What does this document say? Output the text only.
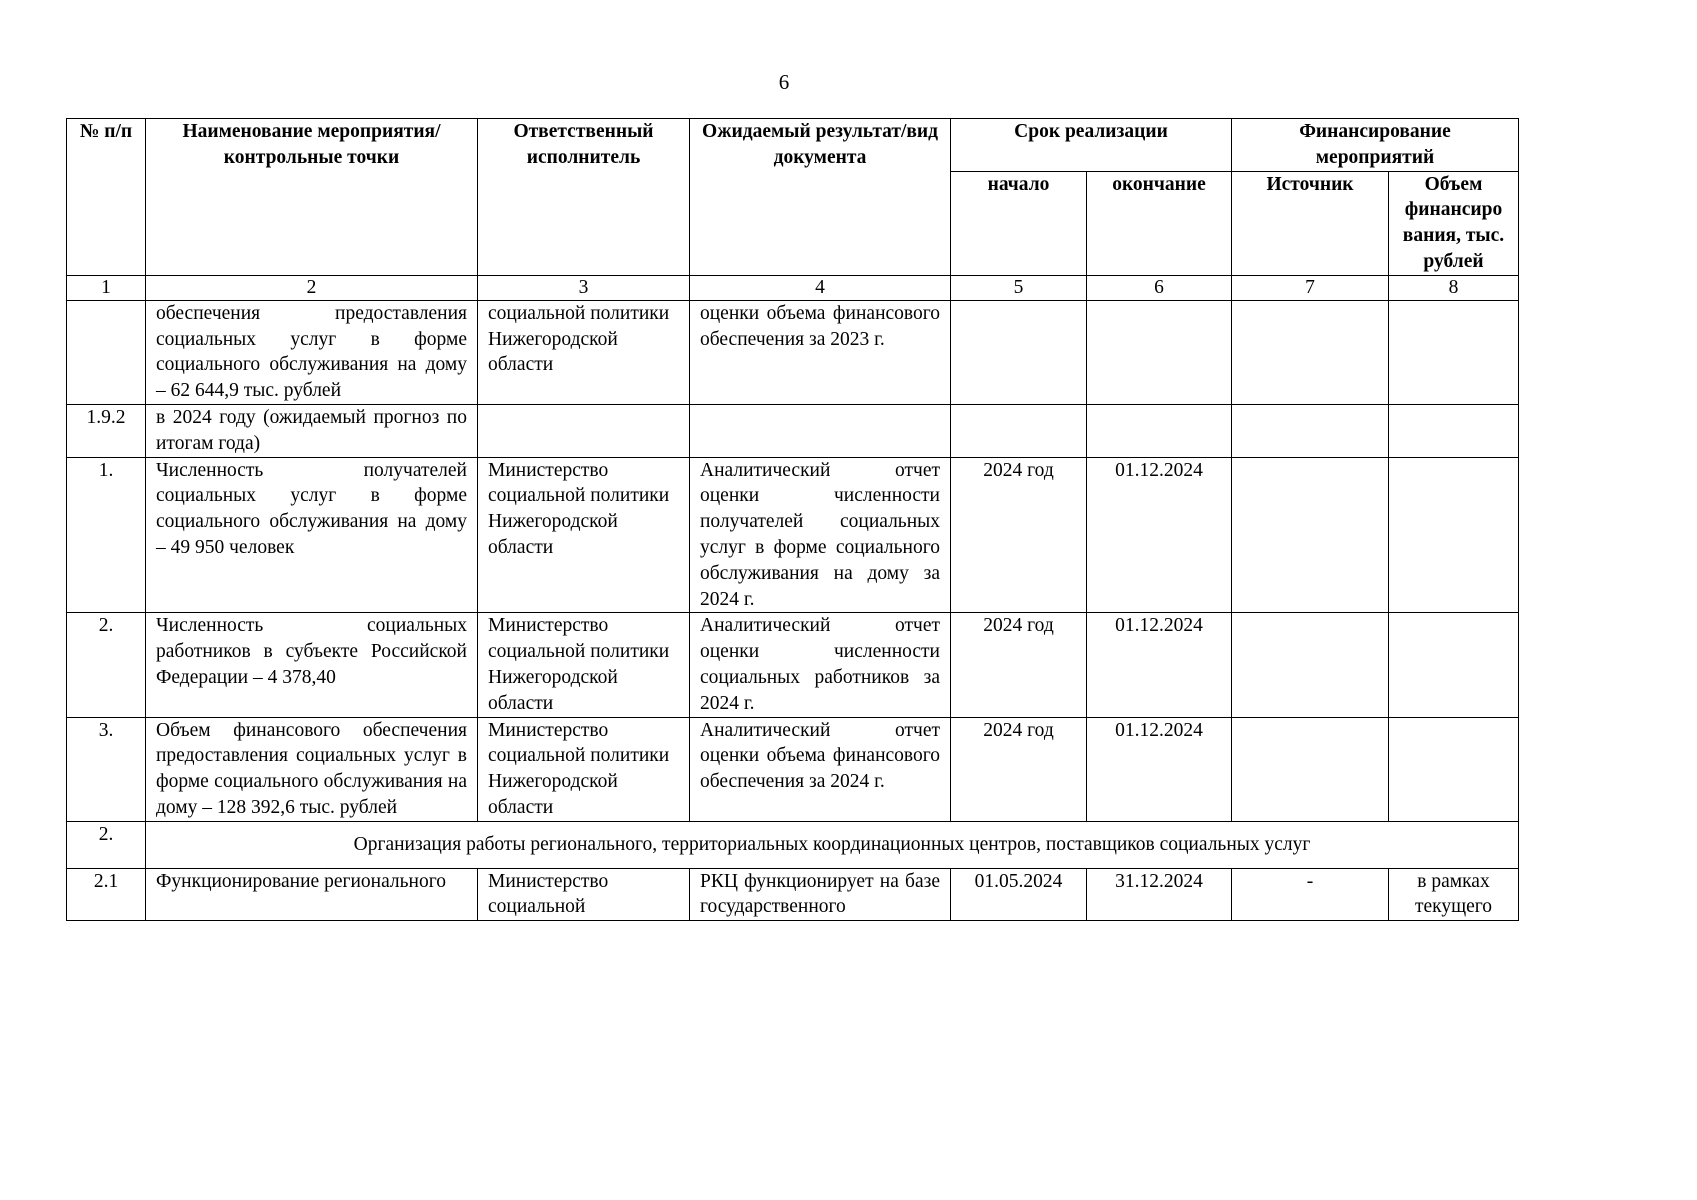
6
№ п/п	Наименование мероприятия/ контрольные точки	Ответственный исполнитель	Ожидаемый результат/вид документа	Срок реализации		Финансирование мероприятий	
				начало	окончание	Источник	Объем финансиро вания, тыс. рублей
1	2	3	4	5	6	7	8
	обеспечения предоставления социальных услуг в форме социального обслуживания на дому – 62 644,9 тыс. рублей	социальной политики Нижегородской области	оценки объема финансового обеспечения за 2023 г.				
1.9.2	в 2024 году (ожидаемый прогноз по итогам года)						
1.	Численность получателей социальных услуг в форме социального обслуживания на дому – 49 950 человек	Министерство социальной политики Нижегородской области	Аналитический отчет оценки численности получателей социальных услуг в форме социального обслуживания на дому за 2024 г.	2024 год	01.12.2024		
2.	Численность социальных работников в субъекте Российской Федерации – 4 378,40	Министерство социальной политики Нижегородской области	Аналитический отчет оценки численности социальных работников за 2024 г.	2024 год	01.12.2024		
3.	Объем финансового обеспечения предоставления социальных услуг в форме социального обслуживания на дому – 128 392,6 тыс. рублей	Министерство социальной политики Нижегородской области	Аналитический отчет оценки объема финансового обеспечения за 2024 г.	2024 год	01.12.2024		
2.	Организация работы регионального, территориальных координационных центров, поставщиков социальных услуг						
2.1	Функционирование регионального	Министерство социальной	РКЦ функционирует на базе государственного	01.05.2024	31.12.2024	-	в рамках текущего
